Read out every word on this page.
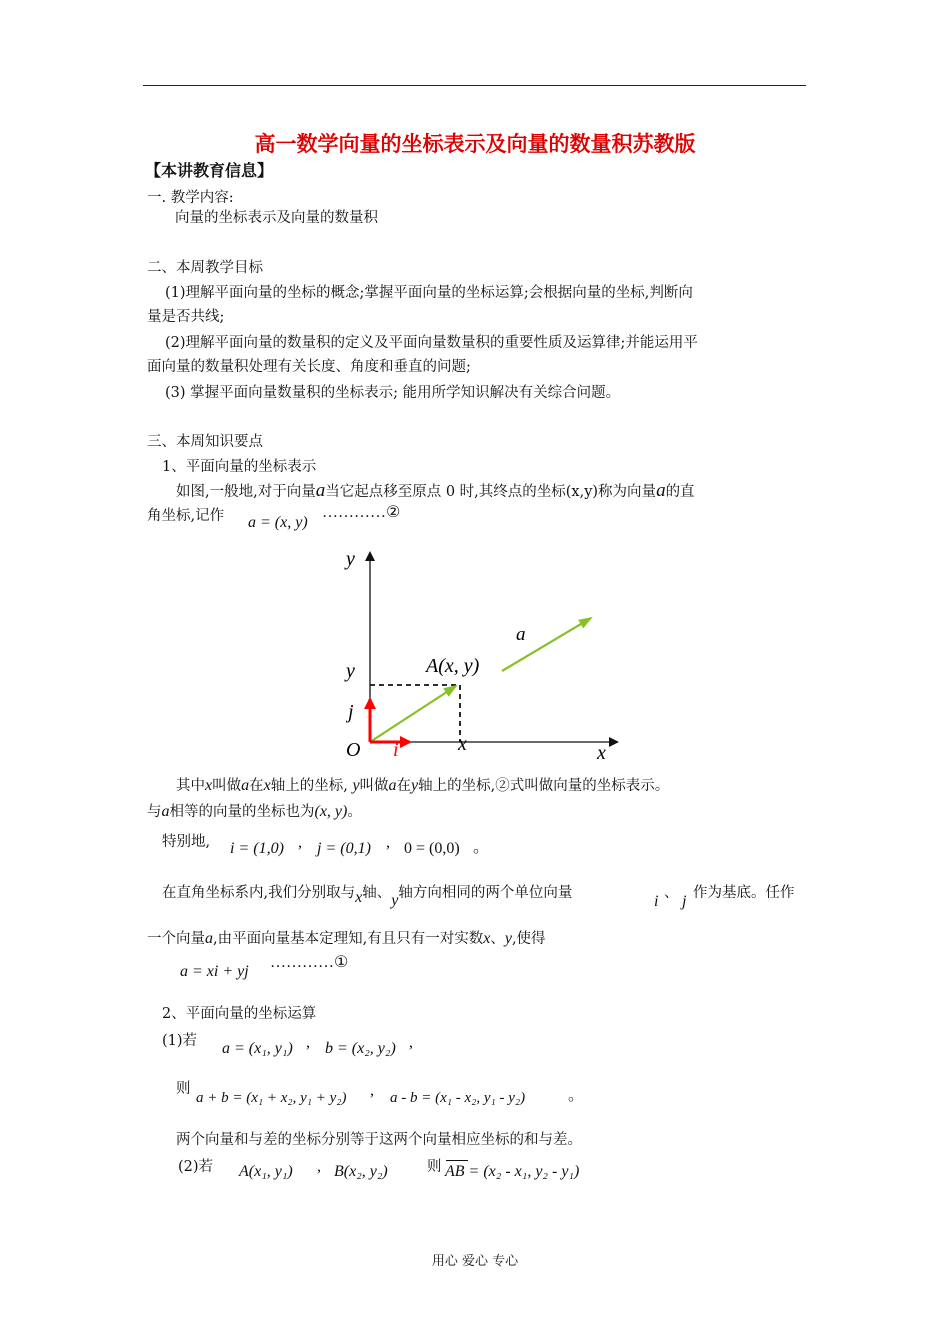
高一数学向量的坐标表示及向量的数量积苏教版
【本讲教育信息】
一. 教学内容:
向量的坐标表示及向量的数量积
二、本周教学目标
(1)理解平面向量的坐标的概念;掌握平面向量的坐标运算;会根据向量的坐标,判断向
量是否共线;
(2)理解平面向量的数量积的定义及平面向量数量积的重要性质及运算律;并能运用平
面向量的数量积处理有关长度、角度和垂直的问题;
(3) 掌握平面向量数量积的坐标表示; 能用所学知识解决有关综合问题。
三、本周知识要点
1、平面向量的坐标表示
如图,一般地,对于向量a当它起点移至原点 0 时,其终点的坐标(x,y)称为向量a的直
角坐标,记作 a = (x, y)
…………②
y
x
O
y
x
A(x, y)
a
j
i
其中x叫做a在x轴上的坐标, y叫做a在y轴上的坐标,②式叫做向量的坐标表示。
与a相等的向量的坐标也为(x, y)。
特别地, i = (1,0) , j = (0,1) , 0 = (0,0) 。
在直角坐标系内,我们分别取与x轴、y轴方向相同的两个单位向量	i 、 j 作为基底。任作
一个向量a,由平面向量基本定理知,有且只有一对实数x、y,使得
a = xi + yj
…………①
2、平面向量的坐标运算
(1)若 a = (x₁, y₁) , b = (x₂, y₂) ,
则
a + b = (x₁ + x₂, y₁ + y₂) , a - b = (x₁ - x₂, y₁ - y₂)	。
两个向量和与差的坐标分别等于这两个向量相应坐标的和与差。
(2)若 A(x₁, y₁) , B(x₂, y₂)	则 AB = (x₂ - x₁, y₂ - y₁)
用心 爱心 专心
